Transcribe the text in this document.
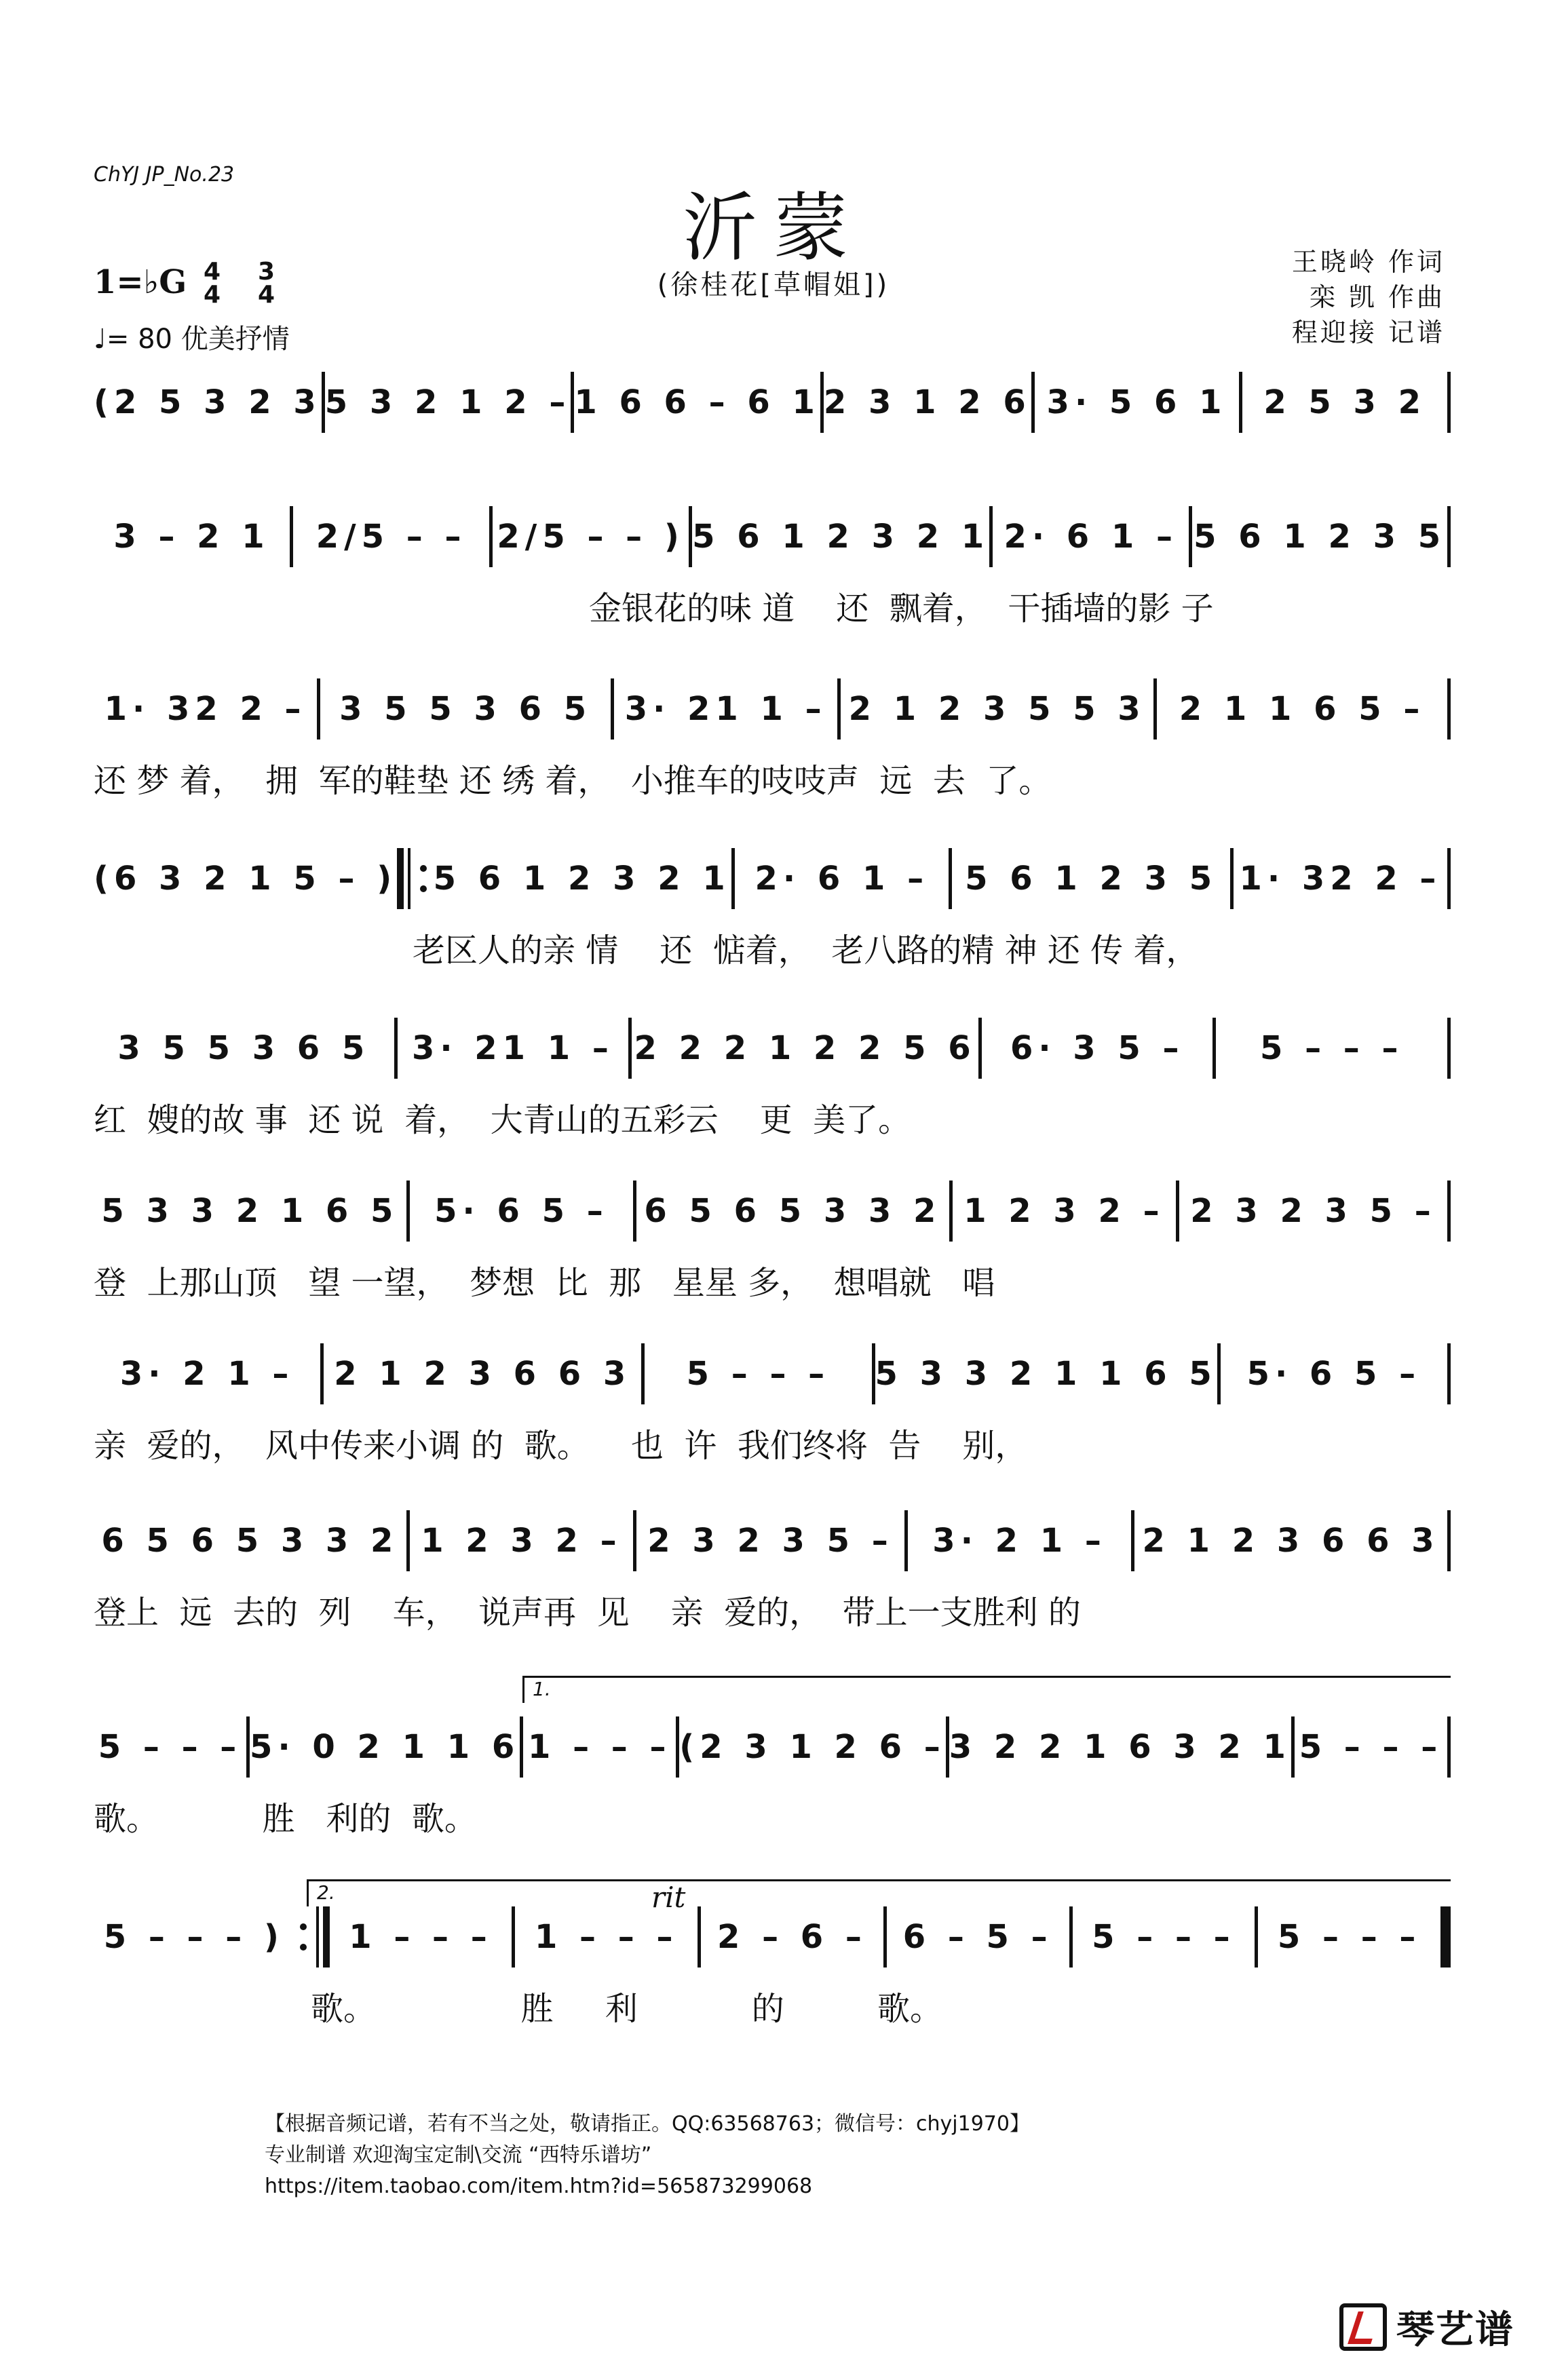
ChYJ JP_No.23
沂蒙
(徐桂花[草帽姐])
1=♭G 4
4
3
4
♩= 80 优美抒情
王晓岭 作词
栾 凯 作曲
程迎接 记谱
(2 5 3 2 3 5 3 2 1 2 – 1 6 6 – 6 1 2 3 1 2 6 3· 5 6 1 2 5 3 2
3 – 2 1 2/5 – – 2/5 – – ) 5 6 1 2 3 2 1 2· 6 1 – 5 6 1 2 3 5
金银花的味 道    还  飘着，  干插墙的影 子
1· 32 2 – 3 5 5 3 6 5 3· 21 1 – 2 1 2 3 5 5 3 2 1 1 6 5 –
还 梦 着，  拥  军的鞋垫 还 绣 着，  小推车的吱吱声  远  去  了。
(6 3 2 1 5 – ) 5 6 1 2 3 2 1 2· 6 1 – 5 6 1 2 3 5 1· 32 2 –
老区人的亲 情    还  惦着，  老八路的精 神 还 传 着，
3 5 5 3 6 5 3· 21 1 – 2 2 2 1 2 2 5 6 6· 3 5 – 5 – – –
红  嫂的故 事  还 说  着，  大青山的五彩云    更  美了。
5 3 3 2 1 6 5 5· 6 5 – 6 5 6 5 3 3 2 1 2 3 2 – 2 3 2 3 5 –
登  上那山顶   望 一望，  梦想  比  那   星星 多，  想唱就   唱
3· 2 1 – 2 1 2 3 6 6 3 5 – – – 5 3 3 2 1 1 6 5 5· 6 5 –
亲  爱的，  风中传来小调 的  歌。    也  许  我们终将  告    别，
6 5 6 5 3 3 2 1 2 3 2 – 2 3 2 3 5 – 3· 2 1 – 2 1 2 3 6 6 3
登上  远  去的  列    车，  说声再  见    亲  爱的，  带上一支胜利 的
1.
5 – – – 5· 0 2 1 1 6 1 – – – (2 3 1 2 6 – 3 2 2 1 6 3 2 1 5 – – –
歌。          胜   利的  歌。
2.	rit
5 – – – ) 1 – – – 1 – – – 2 – 6 – 6 – 5 – 5 – – – 5 – – –
歌。              胜     利           的         歌。
【根据音频记谱，若有不当之处，敬请指正。QQ:63568763；微信号：chyj1970】
专业制谱 欢迎淘宝定制\交流 “西特乐谱坊”
https://item.taobao.com/item.htm?id=565873299068
琴艺谱
